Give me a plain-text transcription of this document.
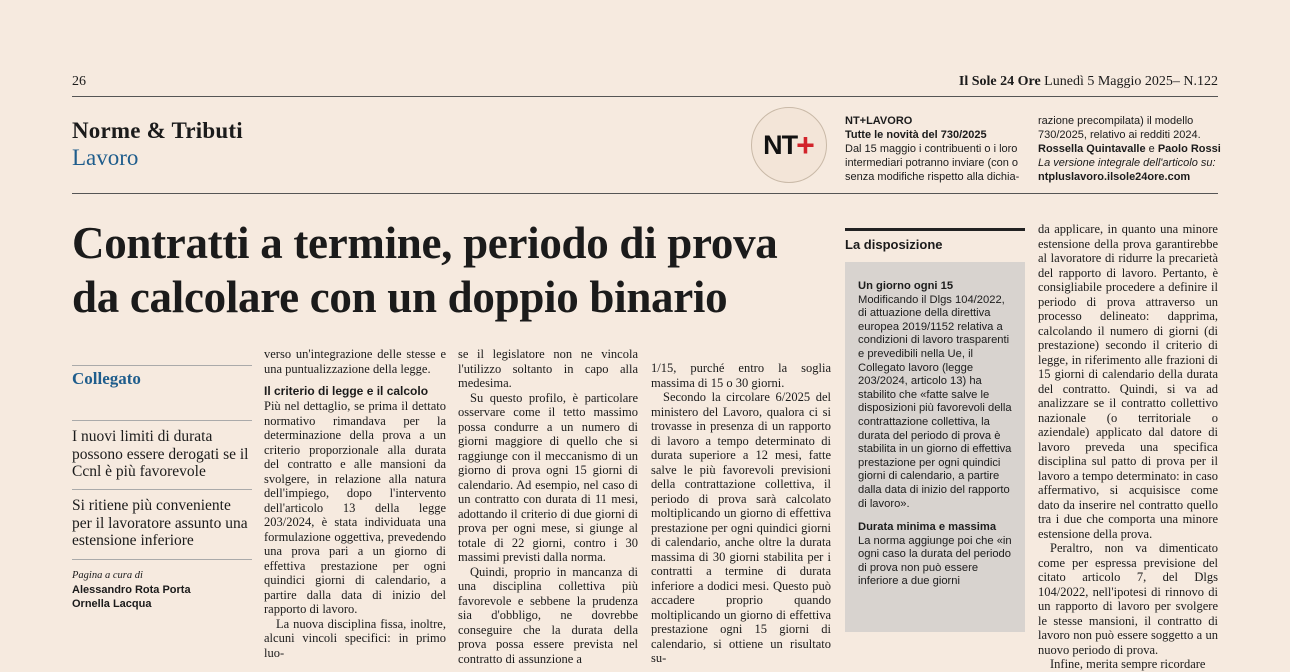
26	Il Sole 24 Ore Lunedì 5 Maggio 2025– N.122
Norme & Tributi
Lavoro	NT +
NT+LAVORO
Tutte le novità del 730/2025
Dal 15 maggio i contribuenti o i loro intermediari potranno inviare (con o senza modifiche rispetto alla dichia-
razione precompilata) il modello 730/2025, relativo ai redditi 2024.
Rossella Quintavalle e Paolo Rossi
La versione integrale dell'articolo su:
ntpluslavoro.ilsole24ore.com
Contratti a termine, periodo di prova
da calcolare con un doppio binario
Collegato
I nuovi limiti di durata possono essere derogati se il Ccnl è più favorevole
Si ritiene più conveniente per il lavoratore assunto una estensione inferiore
Pagina a cura di
Alessandro Rota Porta
Ornella Lacqua

verso un'integrazione delle stesse e una puntualizzazione della legge.

Il criterio di legge e il calcolo

Più nel dettaglio, se prima il dettato normativo rimandava per la determinazione della prova a un criterio proporzionale alla durata del contratto e alle mansioni da svolgere, in relazione alla natura dell'impiego, dopo l'intervento dell'articolo 13 della legge 203/2024, è stata individuata una formulazione oggettiva, prevedendo una prova pari a un giorno di effettiva prestazione per ogni quindici giorni di calendario, a partire dalla data di inizio del rapporto di lavoro.

La nuova disciplina fissa, inoltre, alcuni vincoli specifici: in primo luo-

se il legislatore non ne vincola l'utilizzo soltanto in capo alla medesima.

Su questo profilo, è particolare osservare come il tetto massimo possa condurre a un numero di giorni maggiore di quello che si raggiunge con il meccanismo di un giorno di prova ogni 15 giorni di calendario. Ad esempio, nel caso di un contratto con durata di 11 mesi, adottando il criterio di due giorni di prova per ogni mese, si giunge al totale di 22 giorni, contro i 30 massimi previsti dalla norma.

Quindi, proprio in mancanza di una disciplina collettiva più favorevole e sebbene la prudenza sia d'obbligo, ne dovrebbe conseguire che la durata della prova possa essere prevista nel contratto di assunzione a

1/15, purché entro la soglia massima di 15 o 30 giorni.

Secondo la circolare 6/2025 del ministero del Lavoro, qualora ci si trovasse in presenza di un rapporto di lavoro a tempo determinato di durata superiore a 12 mesi, fatte salve le più favorevoli previsioni della contrattazione collettiva, il periodo di prova sarà calcolato moltiplicando un giorno di effettiva prestazione per ogni quindici giorni di calendario, anche oltre la durata massima di 30 giorni stabilita per i contratti a termine di durata inferiore a dodici mesi. Questo può accadere proprio quando moltiplicando un giorno di effettiva prestazione ogni 15 giorni di calendario, si ottiene un risultato su-

La disposizione
Un giorno ogni 15

Modificando il Dlgs 104/2022, di attuazione della direttiva europea 2019/1152 relativa a condizioni di lavoro trasparenti e prevedibili nella Ue, il Collegato lavoro (legge 203/2024, articolo 13) ha stabilito che «fatte salve le disposizioni più favorevoli della contrattazione collettiva, la durata del periodo di prova è stabilita in un giorno di effettiva prestazione per ogni quindici giorni di calendario, a partire dalla data di inizio del rapporto di lavoro».

Durata minima e massima

La norma aggiunge poi che «in ogni caso la durata del periodo di prova non può essere inferiore a due giorni

da applicare, in quanto una minore estensione della prova garantirebbe al lavoratore di ridurre la precarietà del rapporto di lavoro. Pertanto, è consigliabile procedere a definire il periodo di prova attraverso un processo delineato: dapprima, calcolando il numero di giorni (di prestazione) secondo il criterio di legge, in riferimento alle frazioni di 15 giorni di calendario della durata del contratto. Quindi, si va ad analizzare se il contratto collettivo nazionale (o territoriale o aziendale) applicato dal datore di lavoro preveda una specifica disciplina sul patto di prova per il lavoro a tempo determinato: in caso affermativo, si acquisisce come dato da inserire nel contratto quello tra i due che comporta una minore estensione della prova.

Peraltro, non va dimenticato come per espressa previsione del citato articolo 7, del Dlgs 104/2022, nell'ipotesi di rinnovo di un rapporto di lavoro per svolgere le stesse mansioni, il contratto di lavoro non può essere soggetto a un nuovo periodo di prova.

Infine, merita sempre ricordare
